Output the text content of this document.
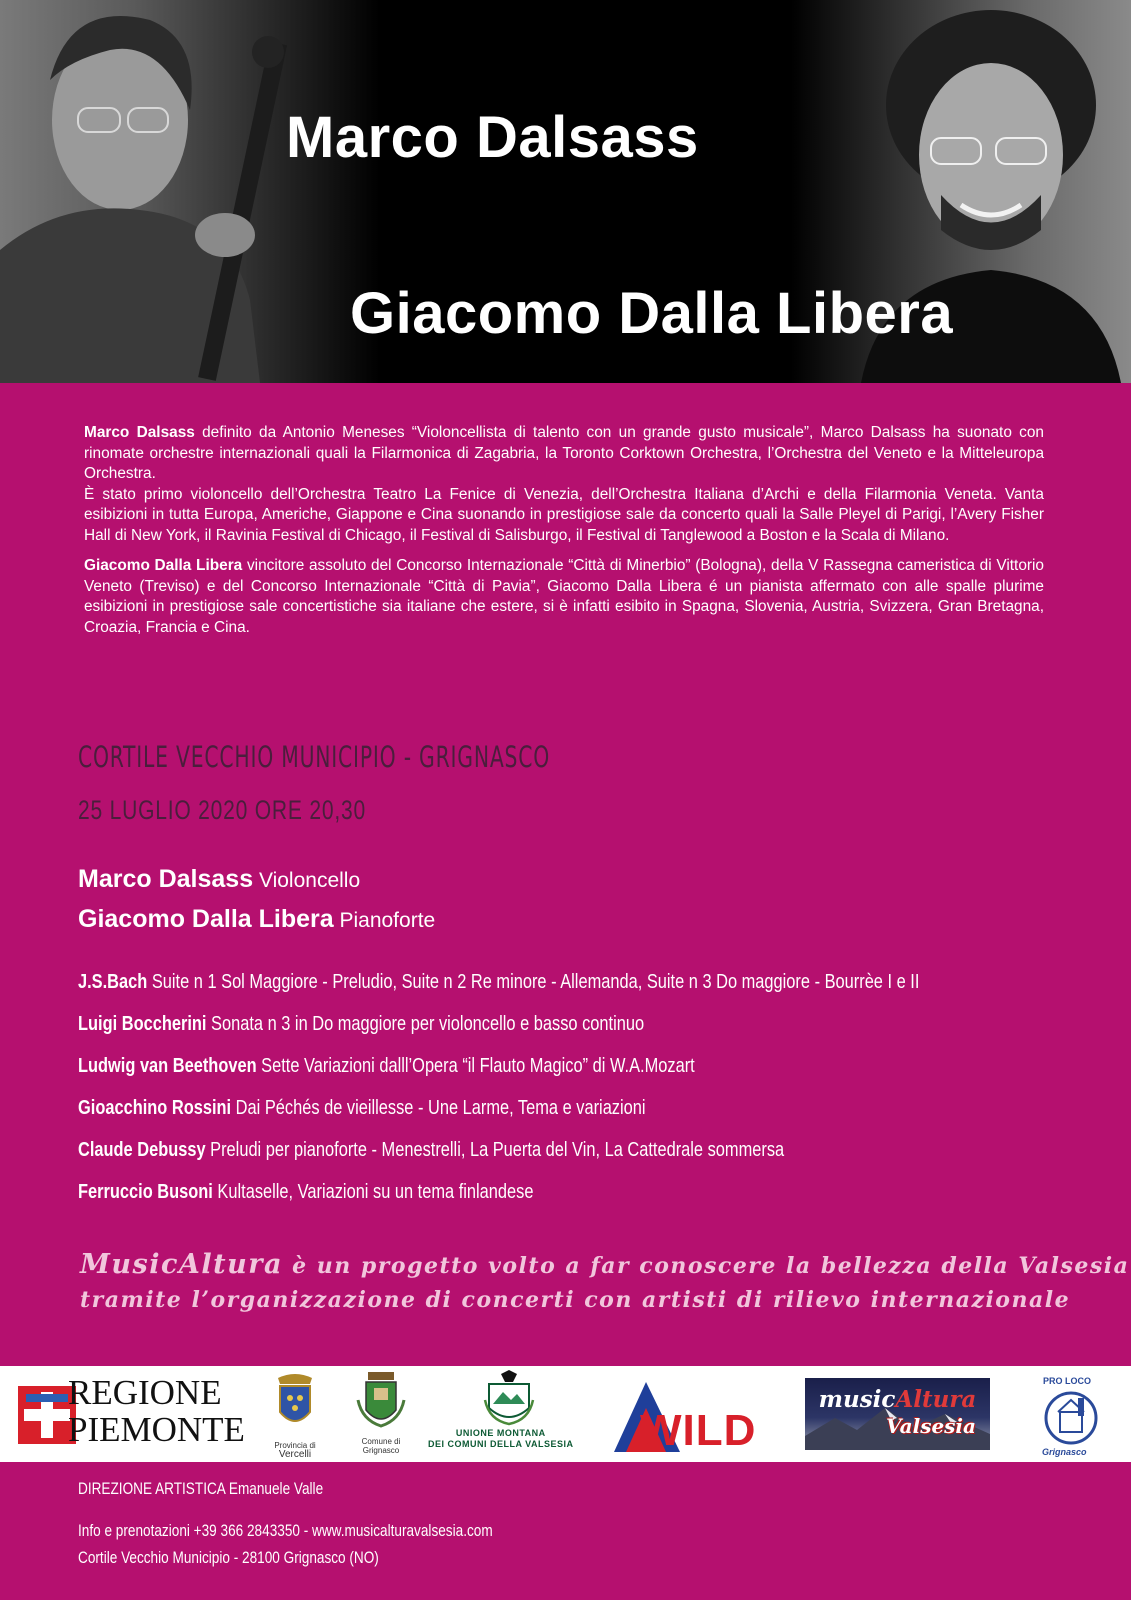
Marco Dalsass
Giacomo Dalla Libera

Marco Dalsass definito da Antonio Meneses “Violoncellista di talento con un grande gusto musicale”, Marco Dalsass ha suonato con rinomate orchestre internazionali quali la Filarmonica di Zagabria, la Toronto Corktown Orchestra, l’Orchestra del Veneto e la Mitteleuropa Orchestra.

È stato primo violoncello dell’Orchestra Teatro La Fenice di Venezia, dell’Orchestra Italiana d’Archi e della Filarmonia Veneta. Vanta esibizioni in tutta Europa, Americhe, Giappone e Cina suonando in prestigiose sale da concerto quali la Salle Pleyel di Parigi, l’Avery Fisher Hall di New York, il Ravinia Festival di Chicago, il Festival di Salisburgo, il Festival di Tanglewood a Boston e la Scala di Milano.

Giacomo Dalla Libera vincitore assoluto del Concorso Internazionale “Città di Minerbio” (Bologna), della V Rassegna cameristica di Vittorio Veneto (Treviso) e del Concorso Internazionale “Città di Pavia”, Giacomo Dalla Libera é un pianista affermato con alle spalle plurime esibizioni in prestigiose sale concertistiche sia italiane che estere, si è infatti esibito in Spagna, Slovenia, Austria, Svizzera, Gran Bretagna, Croazia, Francia e Cina.

CORTILE VECCHIO MUNICIPIO - GRIGNASCO
25 LUGLIO 2020 ORE 20,30
Marco Dalsass Violoncello
Giacomo Dalla Libera Pianoforte
J.S.Bach Suite n 1 Sol Maggiore - Preludio, Suite n 2 Re minore - Allemanda, Suite n 3 Do maggiore - Bourrèe I e II
Luigi Boccherini Sonata n 3 in Do maggiore per violoncello e basso continuo
Ludwig van Beethoven Sette Variazioni dalll’Opera “il Flauto Magico” di W.A.Mozart
Gioacchino Rossini Dai Péchés de vieillesse - Une Larme, Tema e variazioni
Claude Debussy Preludi per pianoforte - Menestrelli, La Puerta del Vin, La Cattedrale sommersa
Ferruccio Busoni Kultaselle, Variazioni su un tema finlandese
MusicAltura è un progetto volto a far conoscere la bellezza della Valsesia
tramite l’organizzazione di concerti con artisti di rilievo internazionale
REGIONE
PIEMONTE	Provincia di
Vercelli
Comune di
Grignasco
UNIONE MONTANA
DEI COMUNI DELLA VALSESIA WILD
musicAltura
Valsesia
PRO LOCO
Grignasco
DIREZIONE ARTISTICA Emanuele Valle
Info e prenotazioni +39 366 2843350 - www.musicalturavalsesia.com
Cortile Vecchio Municipio - 28100 Grignasco (NO)
